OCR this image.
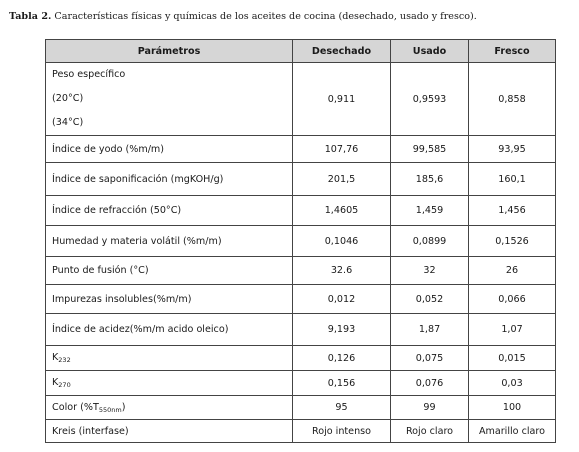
Tabla 2. Características físicas y químicas de los aceites de cocina (desechado, usado y fresco).
Parámetros	Desechado	Usado	Fresco

Peso específico
(20°C)
(34°C)	0,911	0,9593	0,858
Índice de yodo (%m/m)	107,76	99,585	93,95
Índice de saponificación (mgKOH/g)	201,5	185,6	160,1
Índice de refracción (50°C)	1,4605	1,459	1,456
Humedad y materia volátil (%m/m)	0,1046	0,0899	0,1526
Punto de fusión (°C)	32.6	32	26
Impurezas insolubles(%m/m)	0,012	0,052	0,066
Índice de acidez(%m/m acido oleico)	9,193	1,87	1,07
$K_{232}$	0,126	0,075	0,015
$K_{270}$	0,156	0,076	0,03
Color $(\%T_{550nm})$	95	99	100
Kreis (interfase)	Rojo intenso	Rojo claro	Amarillo claro
